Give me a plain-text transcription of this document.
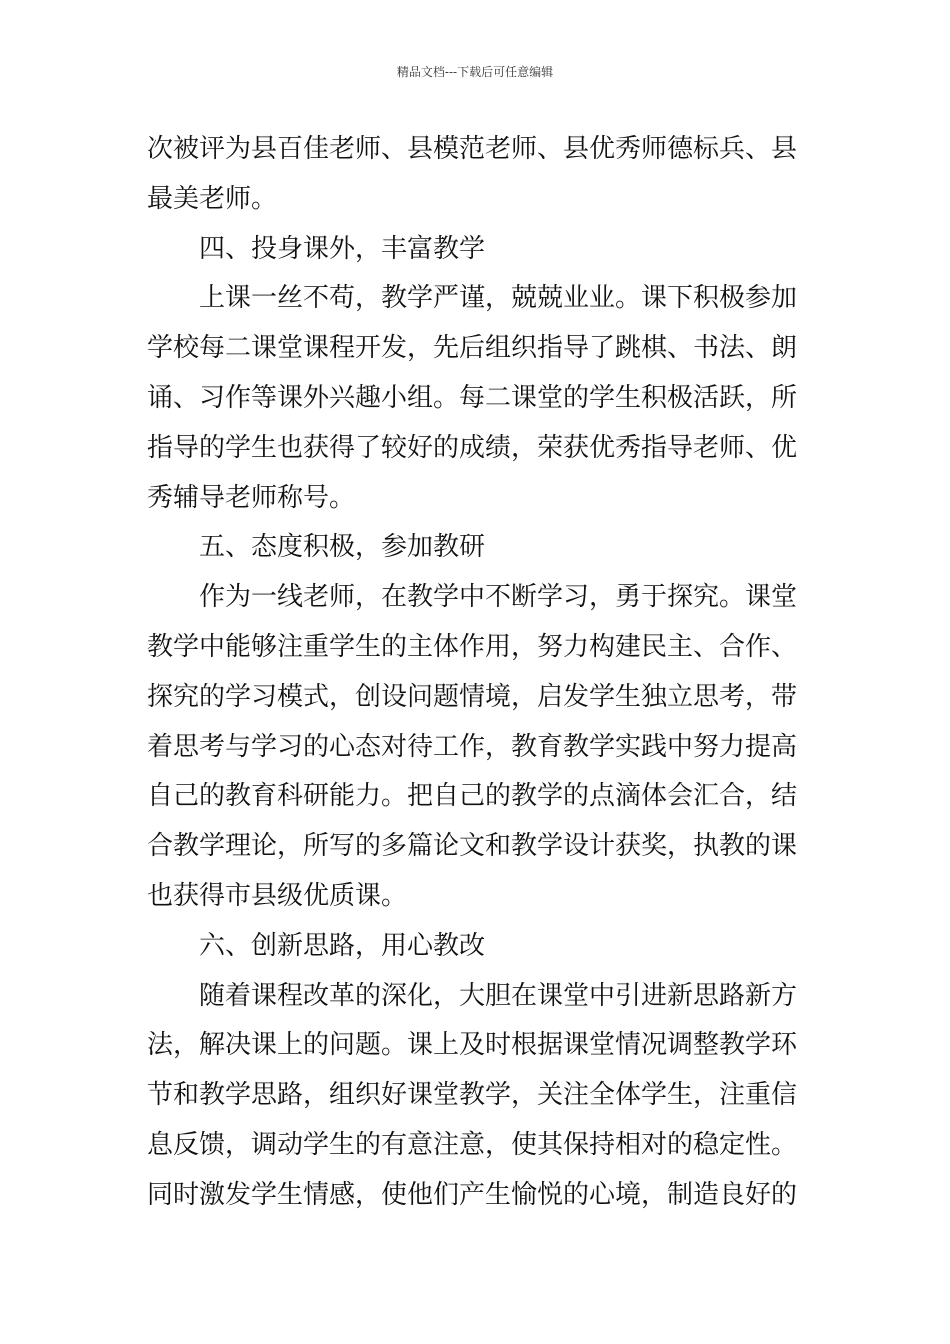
精品文档---下载后可任意编辑
次被评为县百佳老师、县模范老师、县优秀师德标兵、县
最美老师。
四、投身课外，丰富教学
上课一丝不苟，教学严谨，兢兢业业。课下积极参加
学校每二课堂课程开发，先后组织指导了跳棋、书法、朗
诵、习作等课外兴趣小组。每二课堂的学生积极活跃，所
指导的学生也获得了较好的成绩，荣获优秀指导老师、优
秀辅导老师称号。
五、态度积极，参加教研
作为一线老师，在教学中不断学习，勇于探究。课堂
教学中能够注重学生的主体作用，努力构建民主、合作、
探究的学习模式，创设问题情境，启发学生独立思考，带
着思考与学习的心态对待工作，教育教学实践中努力提高
自己的教育科研能力。把自己的教学的点滴体会汇合，结
合教学理论，所写的多篇论文和教学设计获奖，执教的课
也获得市县级优质课。
六、创新思路，用心教改
随着课程改革的深化，大胆在课堂中引进新思路新方
法，解决课上的问题。课上及时根据课堂情况调整教学环
节和教学思路，组织好课堂教学，关注全体学生，注重信
息反馈，调动学生的有意注意，使其保持相对的稳定性。
同时激发学生情感，使他们产生愉悦的心境，制造良好的
